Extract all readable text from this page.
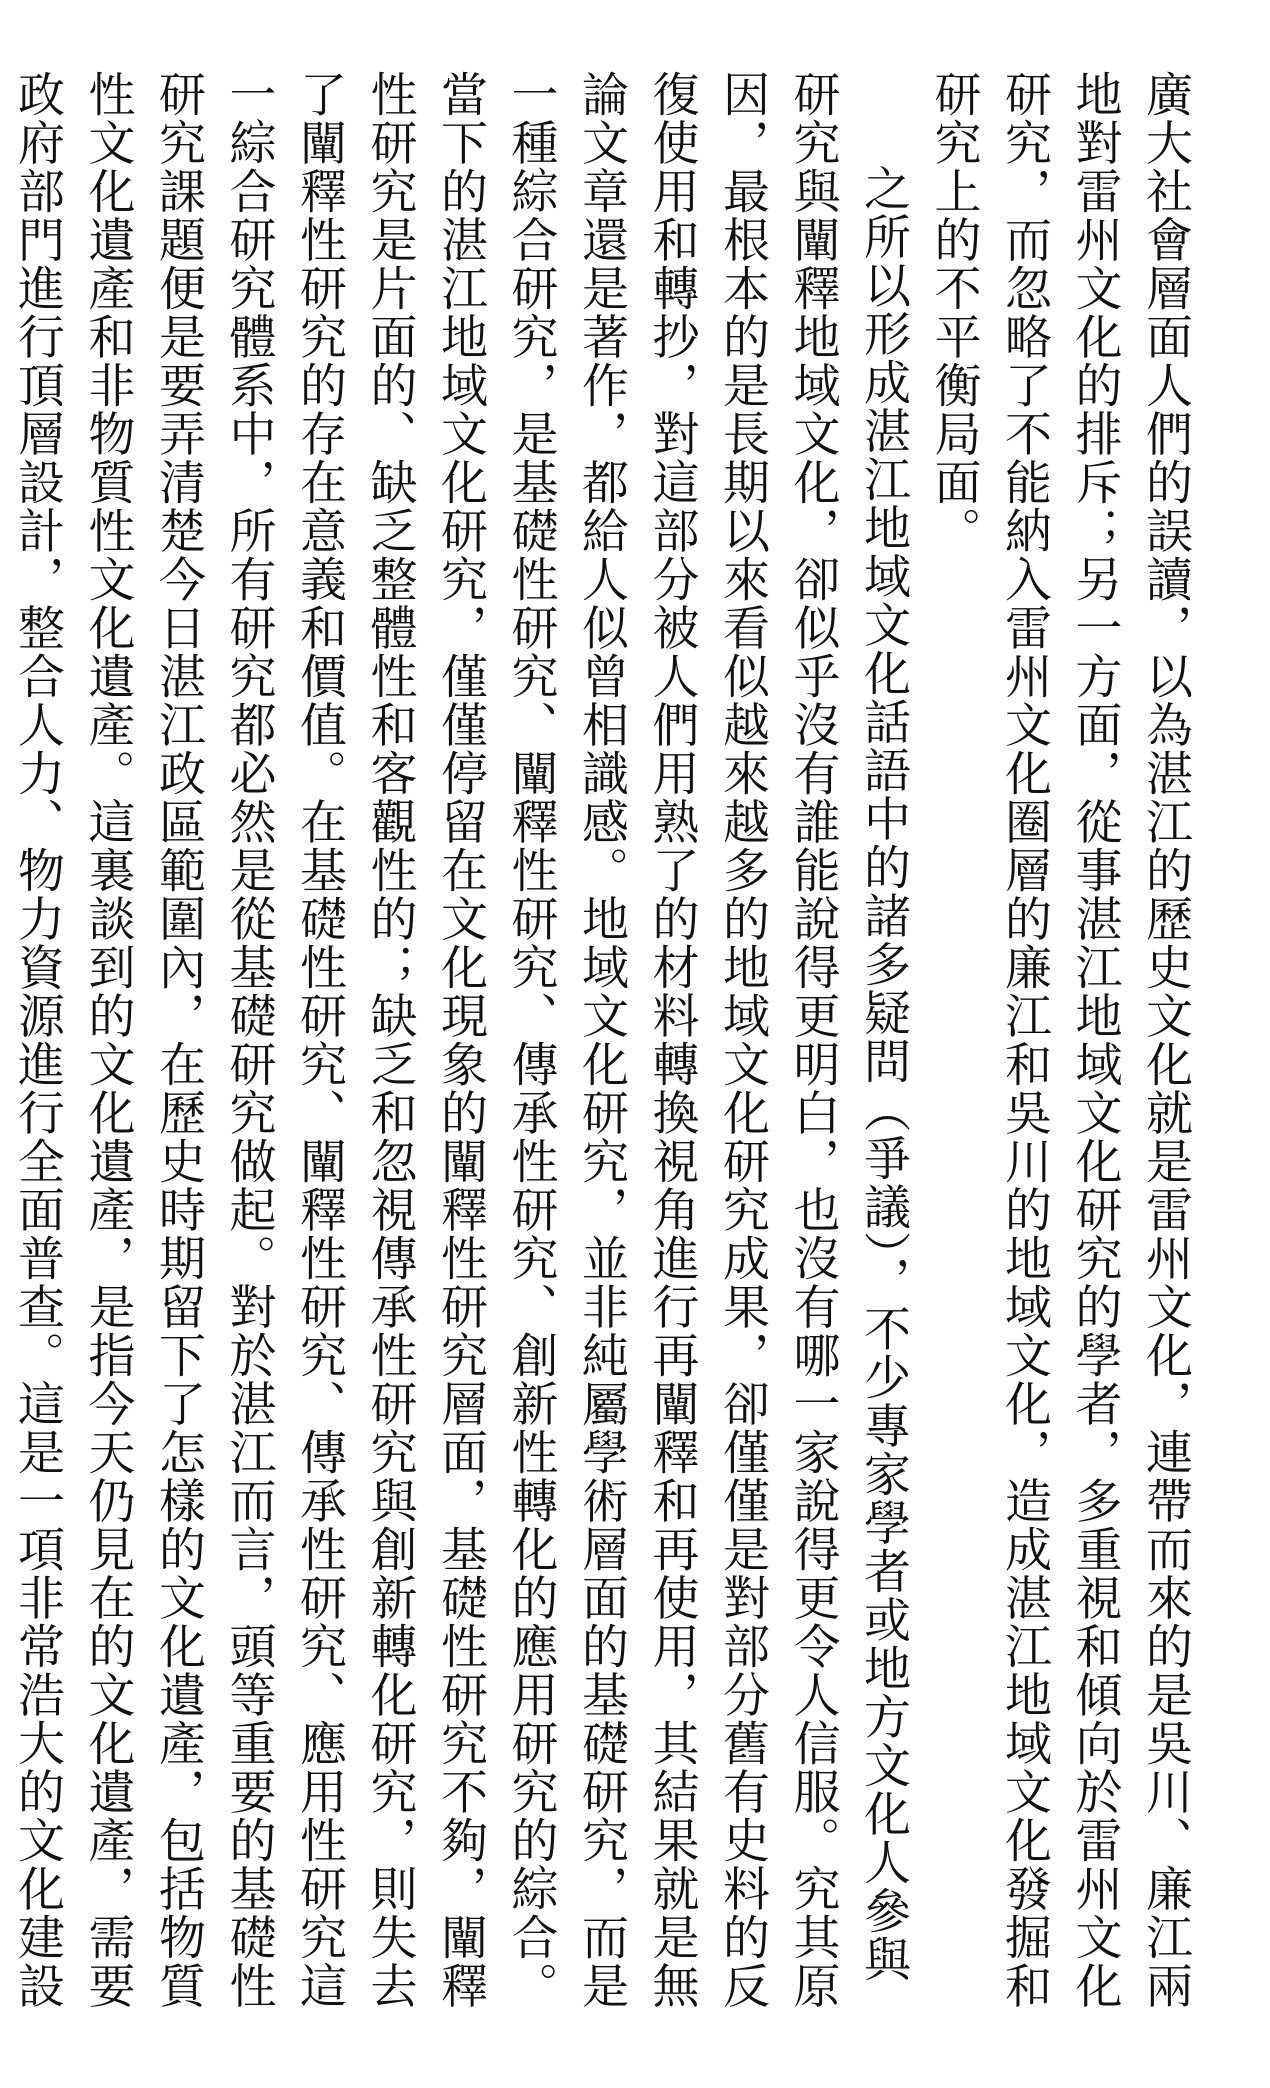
廣大社會層面人們的誤讀，以為湛江的歷史文化就是雷州文化，連帶而來的是吳川、廉江兩地對雷州文化的排斥；另一方面，從事湛江地域文化研究的學者，多重視和傾向於雷州文化研究，而忽略了不能納入雷州文化圈層的廉江和吳川的地域文化，造成湛江地域文化發掘和研究上的不平衡局面。

之所以形成湛江地域文化話語中的諸多疑問（爭議），不少專家學者或地方文化人參與研究與闡釋地域文化，卻似乎沒有誰能說得更明白，也沒有哪一家說得更令人信服。究其原因，最根本的是長期以來看似越來越多的地域文化研究成果，卻僅僅是對部分舊有史料的反復使用和轉抄，對這部分被人們用熟了的材料轉換視角進行再闡釋和再使用，其結果就是無論文章還是著作，都給人似曾相識感。地域文化研究，並非純屬學術層面的基礎研究，而是一種綜合研究，是基礎性研究、闡釋性研究、傳承性研究、創新性轉化的應用研究的綜合。當下的湛江地域文化研究，僅僅停留在文化現象的闡釋性研究層面，基礎性研究不夠，闡釋性研究是片面的、缺乏整體性和客觀性的；缺乏和忽視傳承性研究與創新轉化研究，則失去了闡釋性研究的存在意義和價值。在基礎性研究、闡釋性研究、傳承性研究、應用性研究這一綜合研究體系中，所有研究都必然是從基礎研究做起。對於湛江而言，頭等重要的基礎性研究課題便是要弄清楚今日湛江政區範圍內，在歷史時期留下了怎樣的文化遺產，包括物質性文化遺產和非物質性文化遺產。這裏談到的文化遺產，是指今天仍見在的文化遺產，需要政府部門進行頂層設計，整合人力、物力資源進行全面普查。這是一項非常浩大的文化建設
